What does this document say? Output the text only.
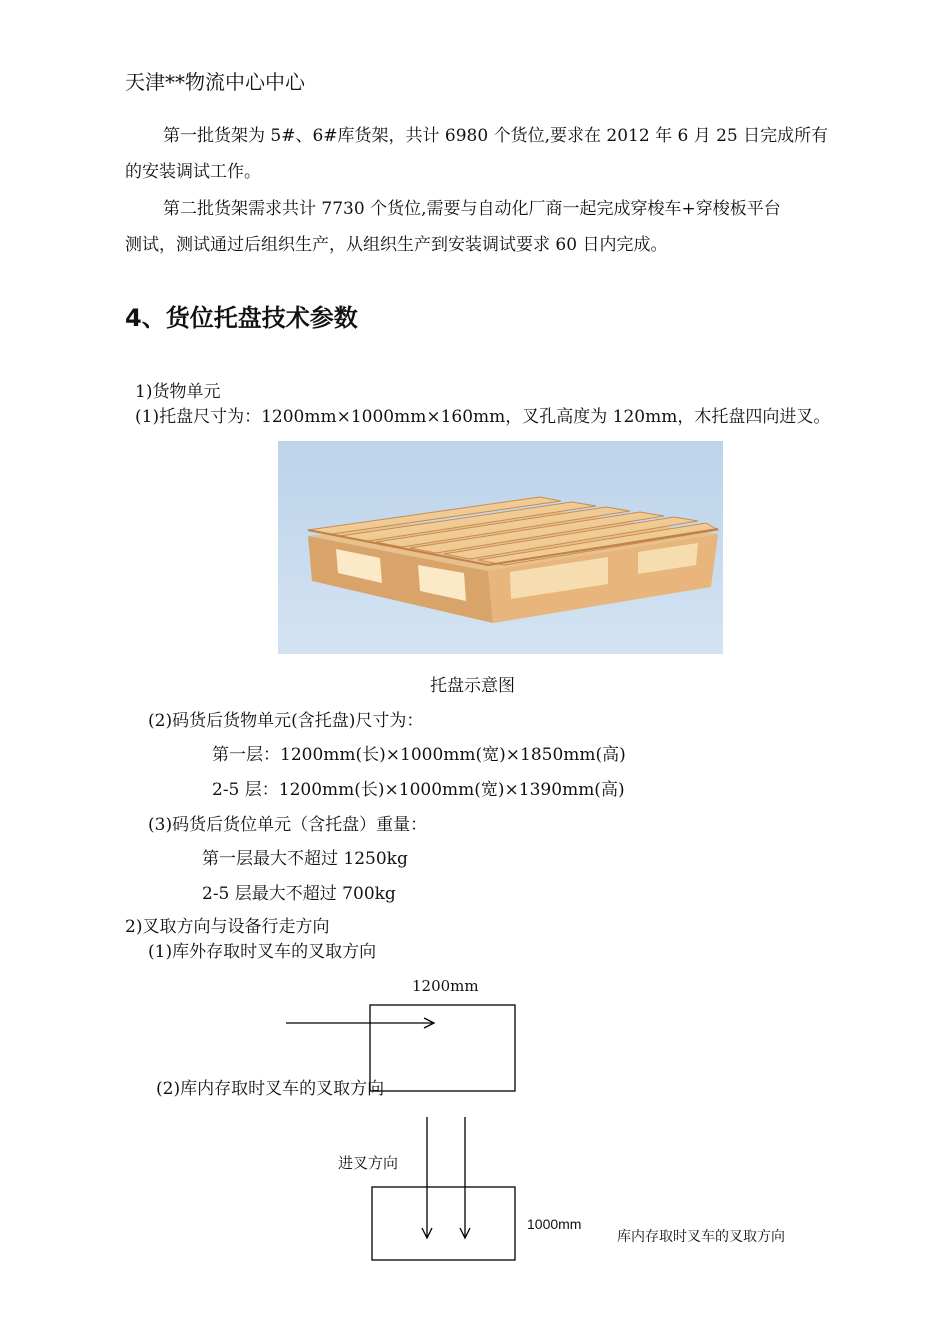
天津**物流中心中心
第一批货架为 5#、6#库货架，共计 6980 个货位,要求在 2012 年 6 月 25 日完成所有
的安装调试工作。
第二批货架需求共计 7730 个货位,需要与自动化厂商一起完成穿梭车+穿梭板平台
测试，测试通过后组织生产，从组织生产到安装调试要求 60 日内完成。
4、货位托盘技术参数
1)货物单元
(1)托盘尺寸为：1200mm×1000mm×160mm，叉孔高度为 120mm，木托盘四向进叉。
托盘示意图
(2)码货后货物单元(含托盘)尺寸为：
第一层：1200mm(长)×1000mm(宽)×1850mm(高)
2-5 层：1200mm(长)×1000mm(宽)×1390mm(高)
(3)码货后货位单元（含托盘）重量：
第一层最大不超过 1250kg
2-5 层最大不超过 700kg
2)叉取方向与设备行走方向
(1)库外存取时叉车的叉取方向
1200mm
(2)库内存取时叉车的叉取方向
进叉方向
1000mm
库内存取时叉车的叉取方向
